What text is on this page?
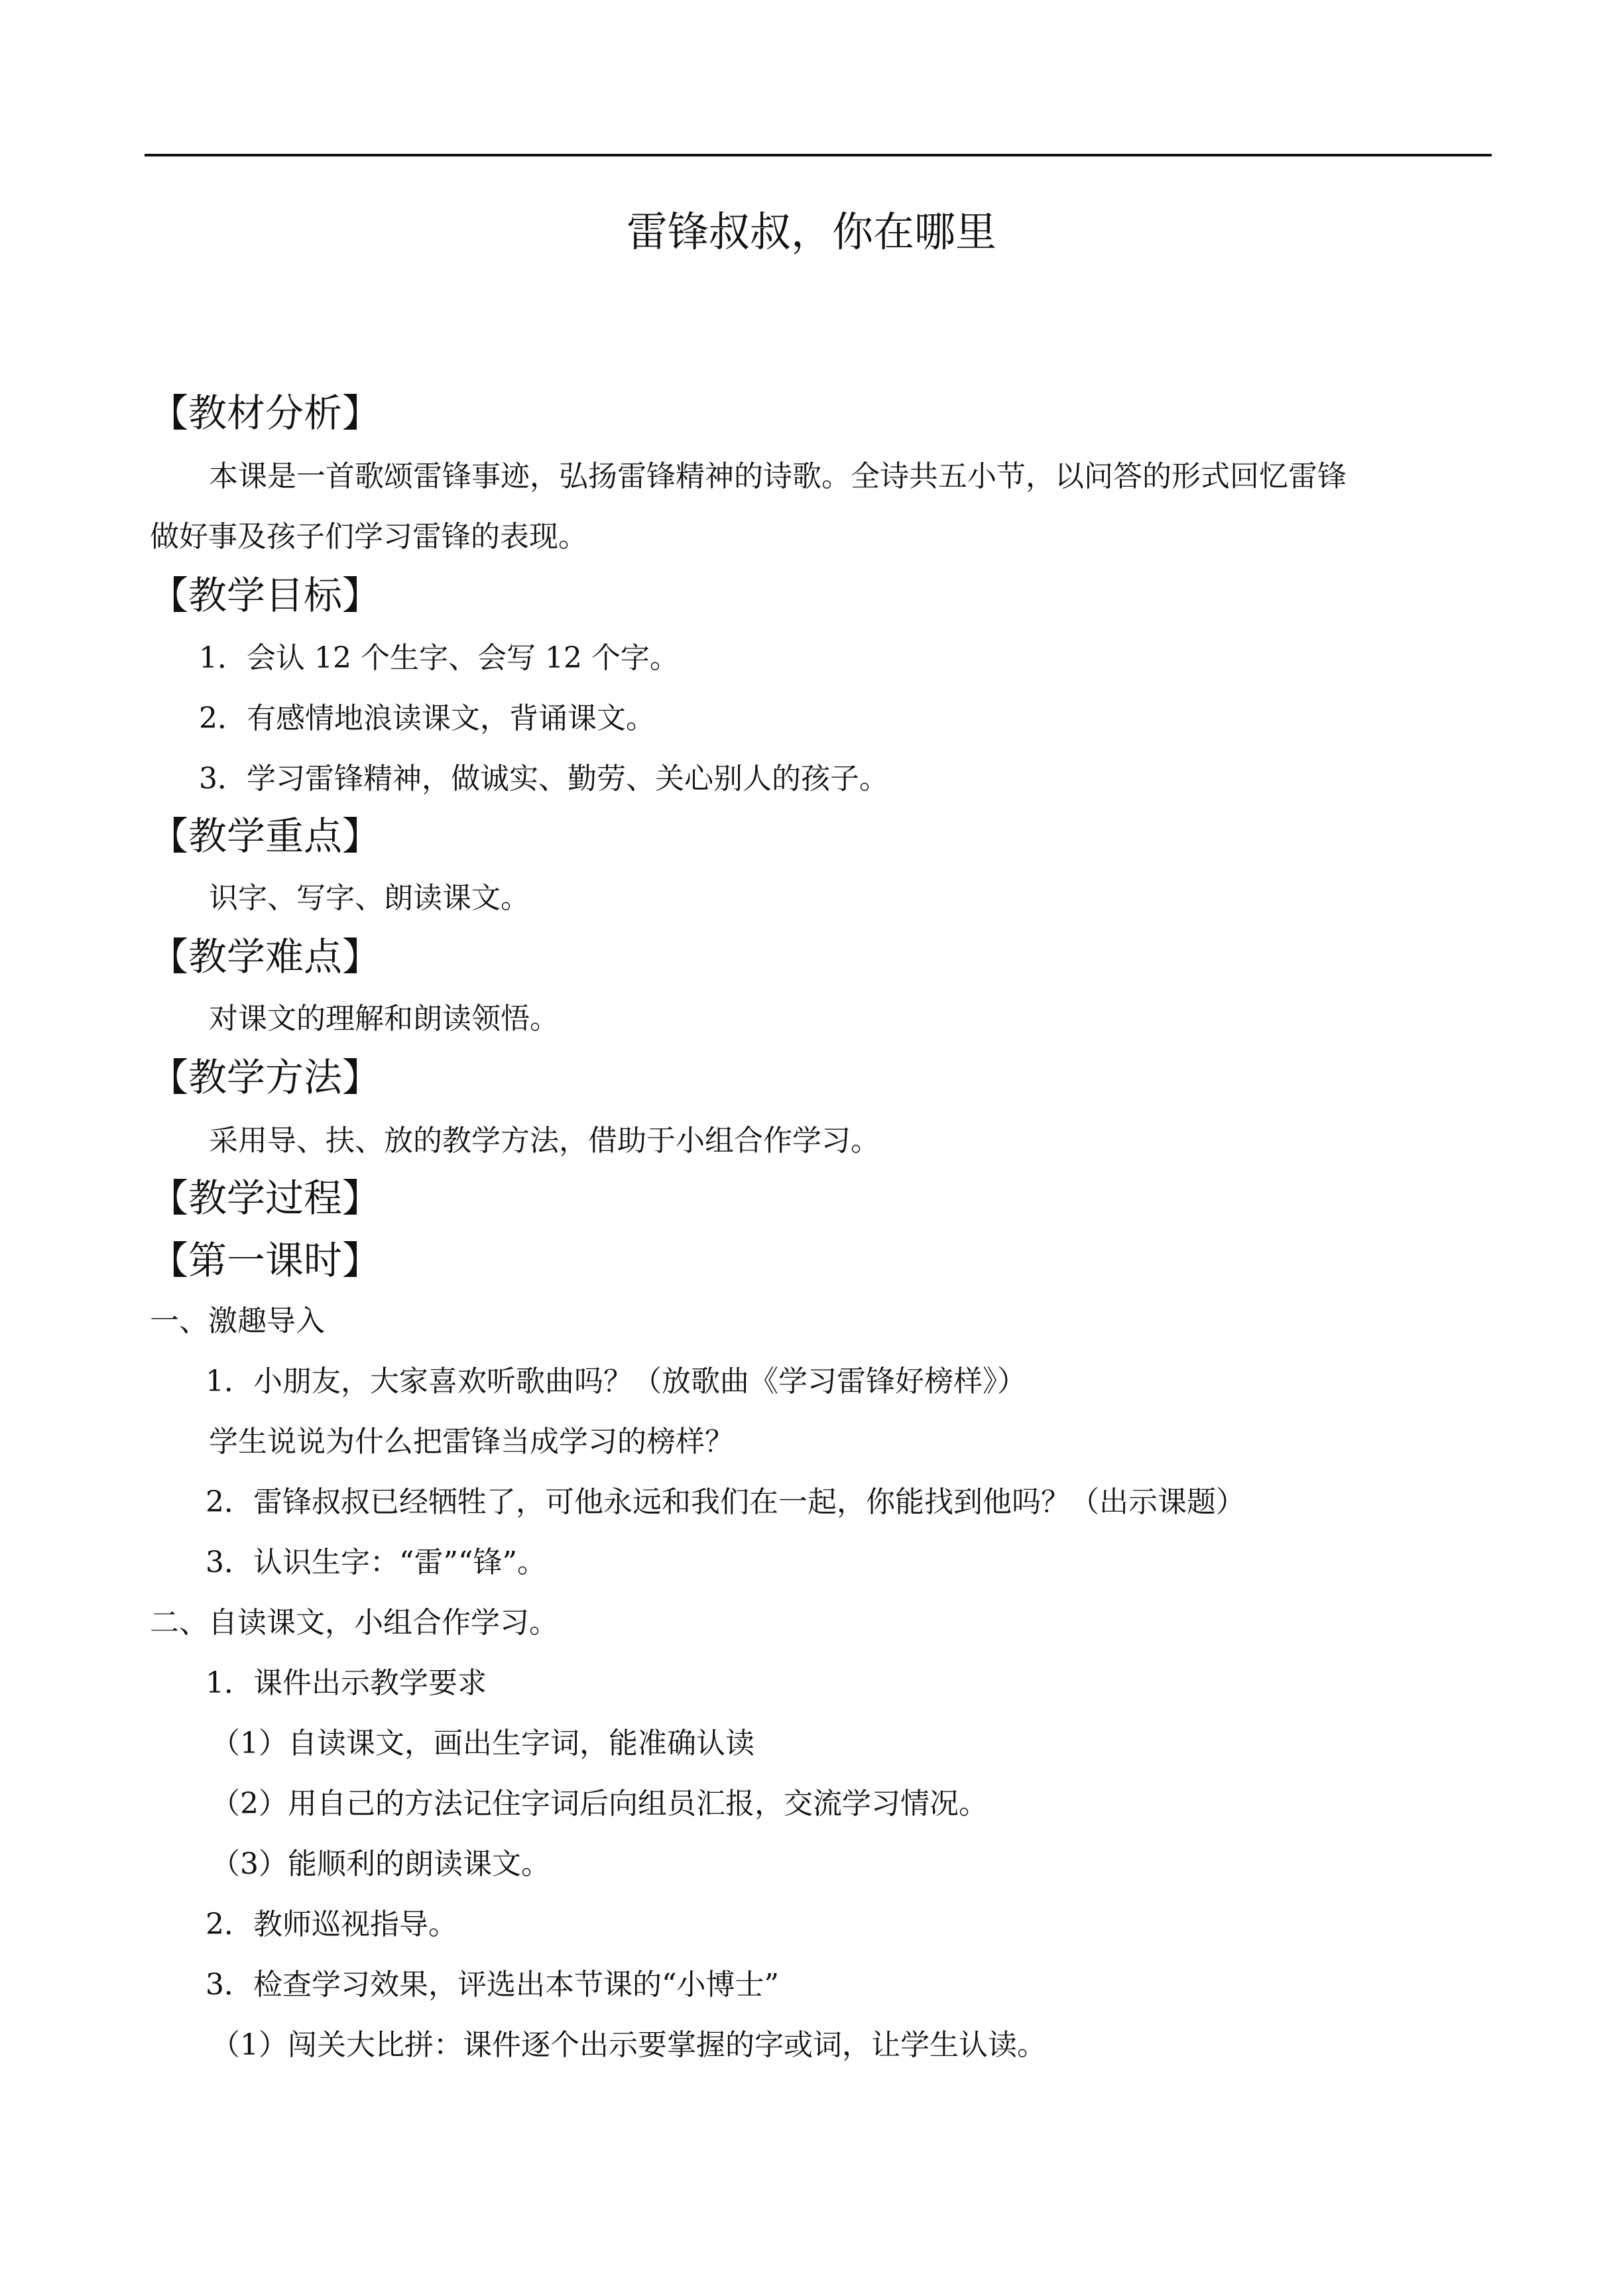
雷锋叔叔，你在哪里
【教材分析】
本课是一首歌颂雷锋事迹，弘扬雷锋精神的诗歌。全诗共五小节，以问答的形式回忆雷锋
做好事及孩子们学习雷锋的表现。
【教学目标】
1．会认 12 个生字、会写 12 个字。
2．有感情地浪读课文，背诵课文。
3．学习雷锋精神，做诚实、勤劳、关心别人的孩子。
【教学重点】
识字、写字、朗读课文。
【教学难点】
对课文的理解和朗读领悟。
【教学方法】
采用导、扶、放的教学方法，借助于小组合作学习。
【教学过程】
【第一课时】
一、激趣导入
1．小朋友，大家喜欢听歌曲吗？（放歌曲《学习雷锋好榜样》）
学生说说为什么把雷锋当成学习的榜样？
2．雷锋叔叔已经牺牲了，可他永远和我们在一起，你能找到他吗？（出示课题）
3．认识生字：“雷”“锋”。
二、自读课文，小组合作学习。
1．课件出示教学要求
（1）自读课文，画出生字词，能准确认读
（2）用自己的方法记住字词后向组员汇报，交流学习情况。
（3）能顺利的朗读课文。
2．教师巡视指导。
3．检查学习效果，评选出本节课的“小博士”
（1）闯关大比拼：课件逐个出示要掌握的字或词，让学生认读。
